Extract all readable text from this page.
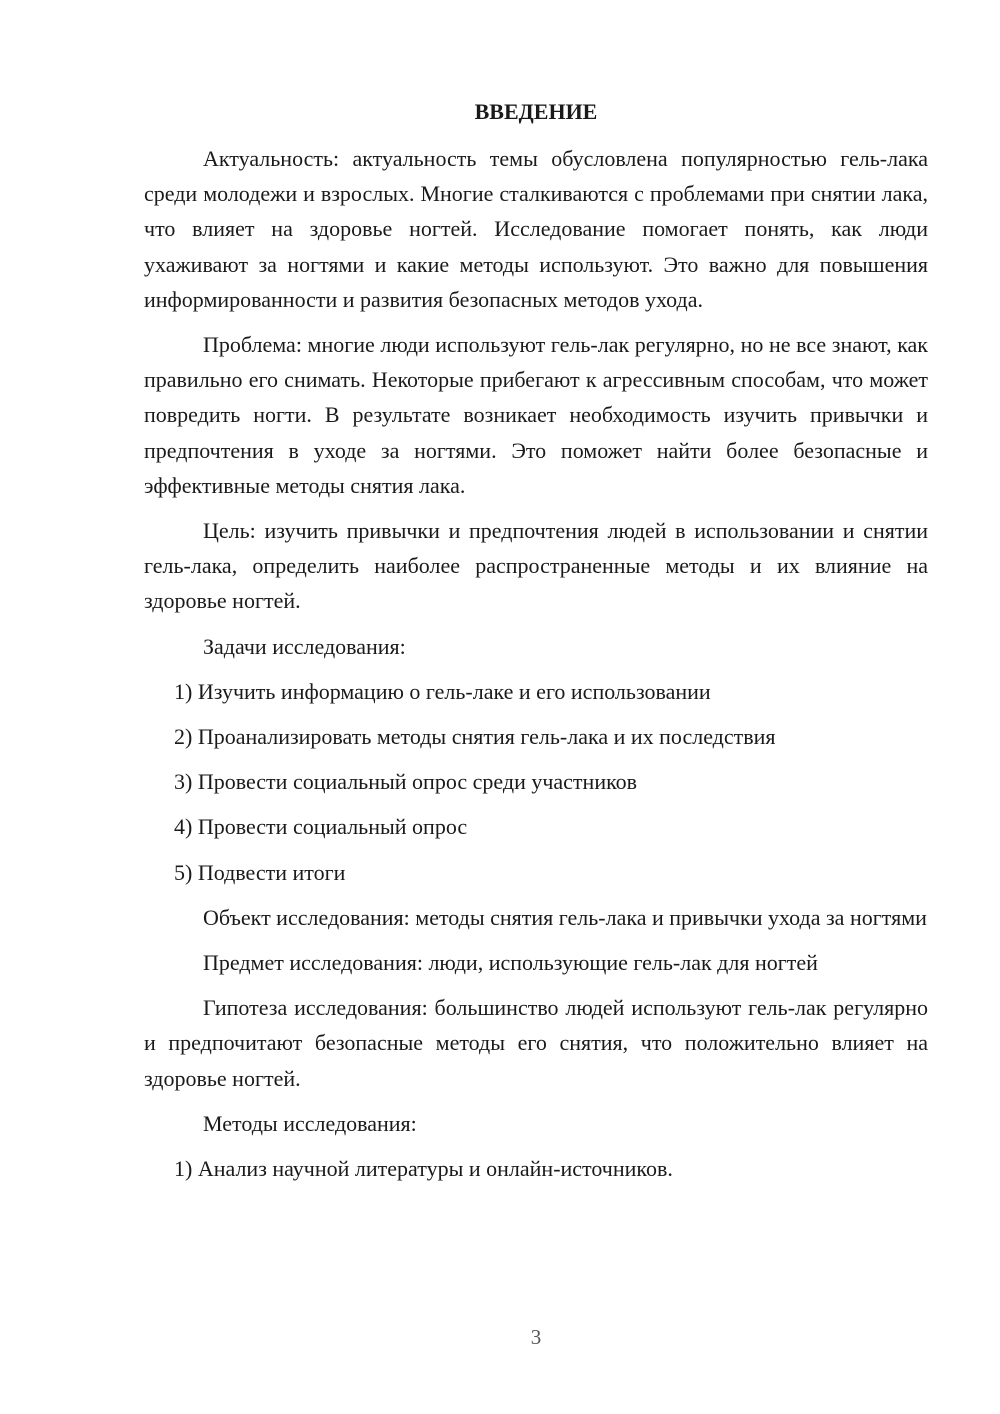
ВВЕДЕНИЕ

Актуальность: актуальность темы обусловлена популярностью гель-лака среди молодежи и взрослых. Многие сталкиваются с проблемами при снятии лака, что влияет на здоровье ногтей. Исследование помогает понять, как люди ухаживают за ногтями и какие методы используют. Это важно для повышения информированности и развития безопасных методов ухода.

Проблема: многие люди используют гель-лак регулярно, но не все знают, как правильно его снимать. Некоторые прибегают к агрессивным способам, что может повредить ногти. В результате возникает необходимость изучить привычки и предпочтения в уходе за ногтями. Это поможет найти более безопасные и эффективные методы снятия лака.

Цель: изучить привычки и предпочтения людей в использовании и снятии гель-лака, определить наиболее распространенные методы и их влияние на здоровье ногтей.

Задачи исследования:
1) Изучить информацию о гель-лаке и его использовании
2) Проанализировать методы снятия гель-лака и их последствия
3) Провести социальный опрос среди участников
4) Провести социальный опрос
5) Подвести итоги

Объект исследования: методы снятия гель-лака и привычки ухода за ногтями

Предмет исследования: люди, использующие гель-лак для ногтей

Гипотеза исследования: большинство людей используют гель-лак регулярно и предпочитают безопасные методы его снятия, что положительно влияет на здоровье ногтей.

Методы исследования:
1) Анализ научной литературы и онлайн-источников.
3
